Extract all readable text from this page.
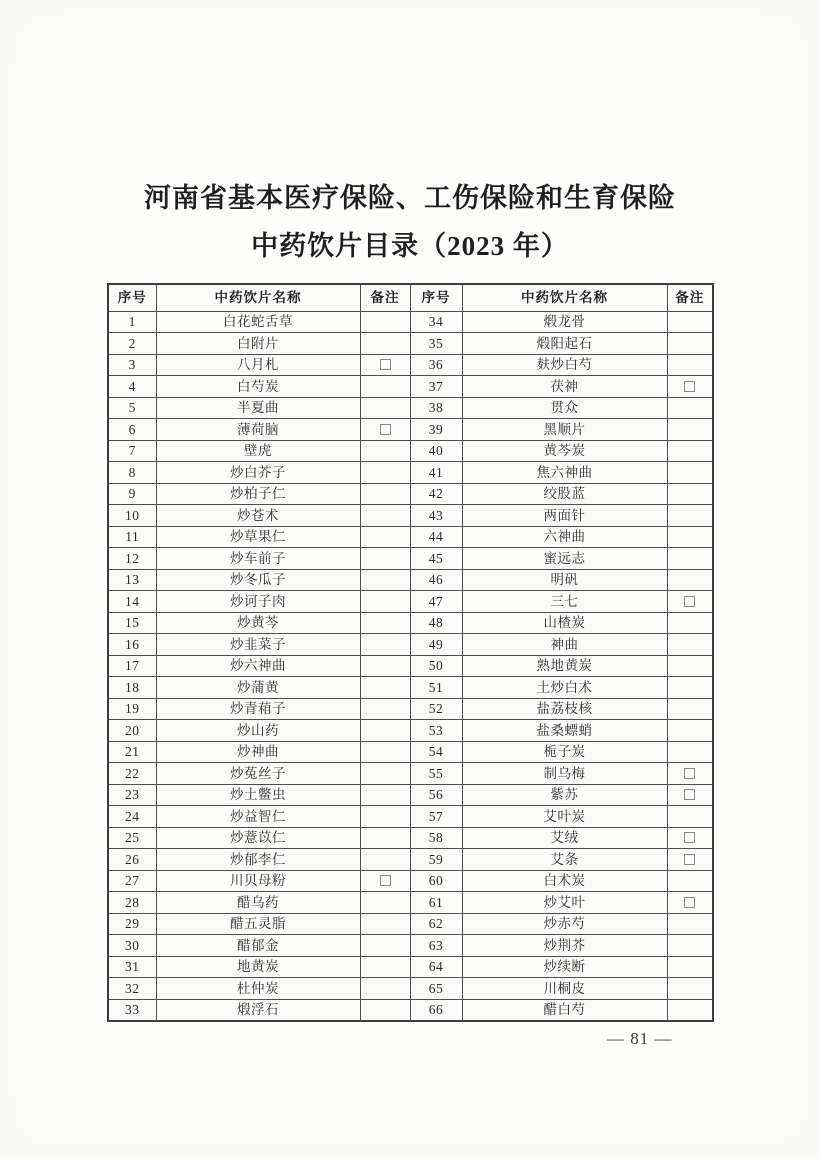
河南省基本医疗保险、工伤保险和生育保险
中药饮片目录（2023 年）
序号	中药饮片名称	备注	序号	中药饮片名称	备注
1	白花蛇舌草		34	煅龙骨	
2	白附片		35	煅阳起石	
3	八月札		36	麸炒白芍	
4	白芍炭		37	茯神	
5	半夏曲		38	贯众	
6	薄荷脑		39	黑顺片	
7	壁虎		40	黄芩炭	
8	炒白芥子		41	焦六神曲	
9	炒柏子仁		42	绞股蓝	
10	炒苍术		43	两面针	
11	炒草果仁		44	六神曲	
12	炒车前子		45	蜜远志	
13	炒冬瓜子		46	明矾	
14	炒诃子肉		47	三七	
15	炒黄芩		48	山楂炭	
16	炒韭菜子		49	神曲	
17	炒六神曲		50	熟地黄炭	
18	炒蒲黄		51	土炒白术	
19	炒青葙子		52	盐荔枝核	
20	炒山药		53	盐桑螵蛸	
21	炒神曲		54	栀子炭	
22	炒菟丝子		55	制乌梅	
23	炒土鳖虫		56	紫苏	
24	炒益智仁		57	艾叶炭	
25	炒薏苡仁		58	艾绒	
26	炒郁李仁		59	艾条	
27	川贝母粉		60	白术炭	
28	醋乌药		61	炒艾叶	
29	醋五灵脂		62	炒赤芍	
30	醋郁金		63	炒荆芥	
31	地黄炭		64	炒续断	
32	杜仲炭		65	川桐皮	
33	煅浮石		66	醋白芍	
— 81 —
